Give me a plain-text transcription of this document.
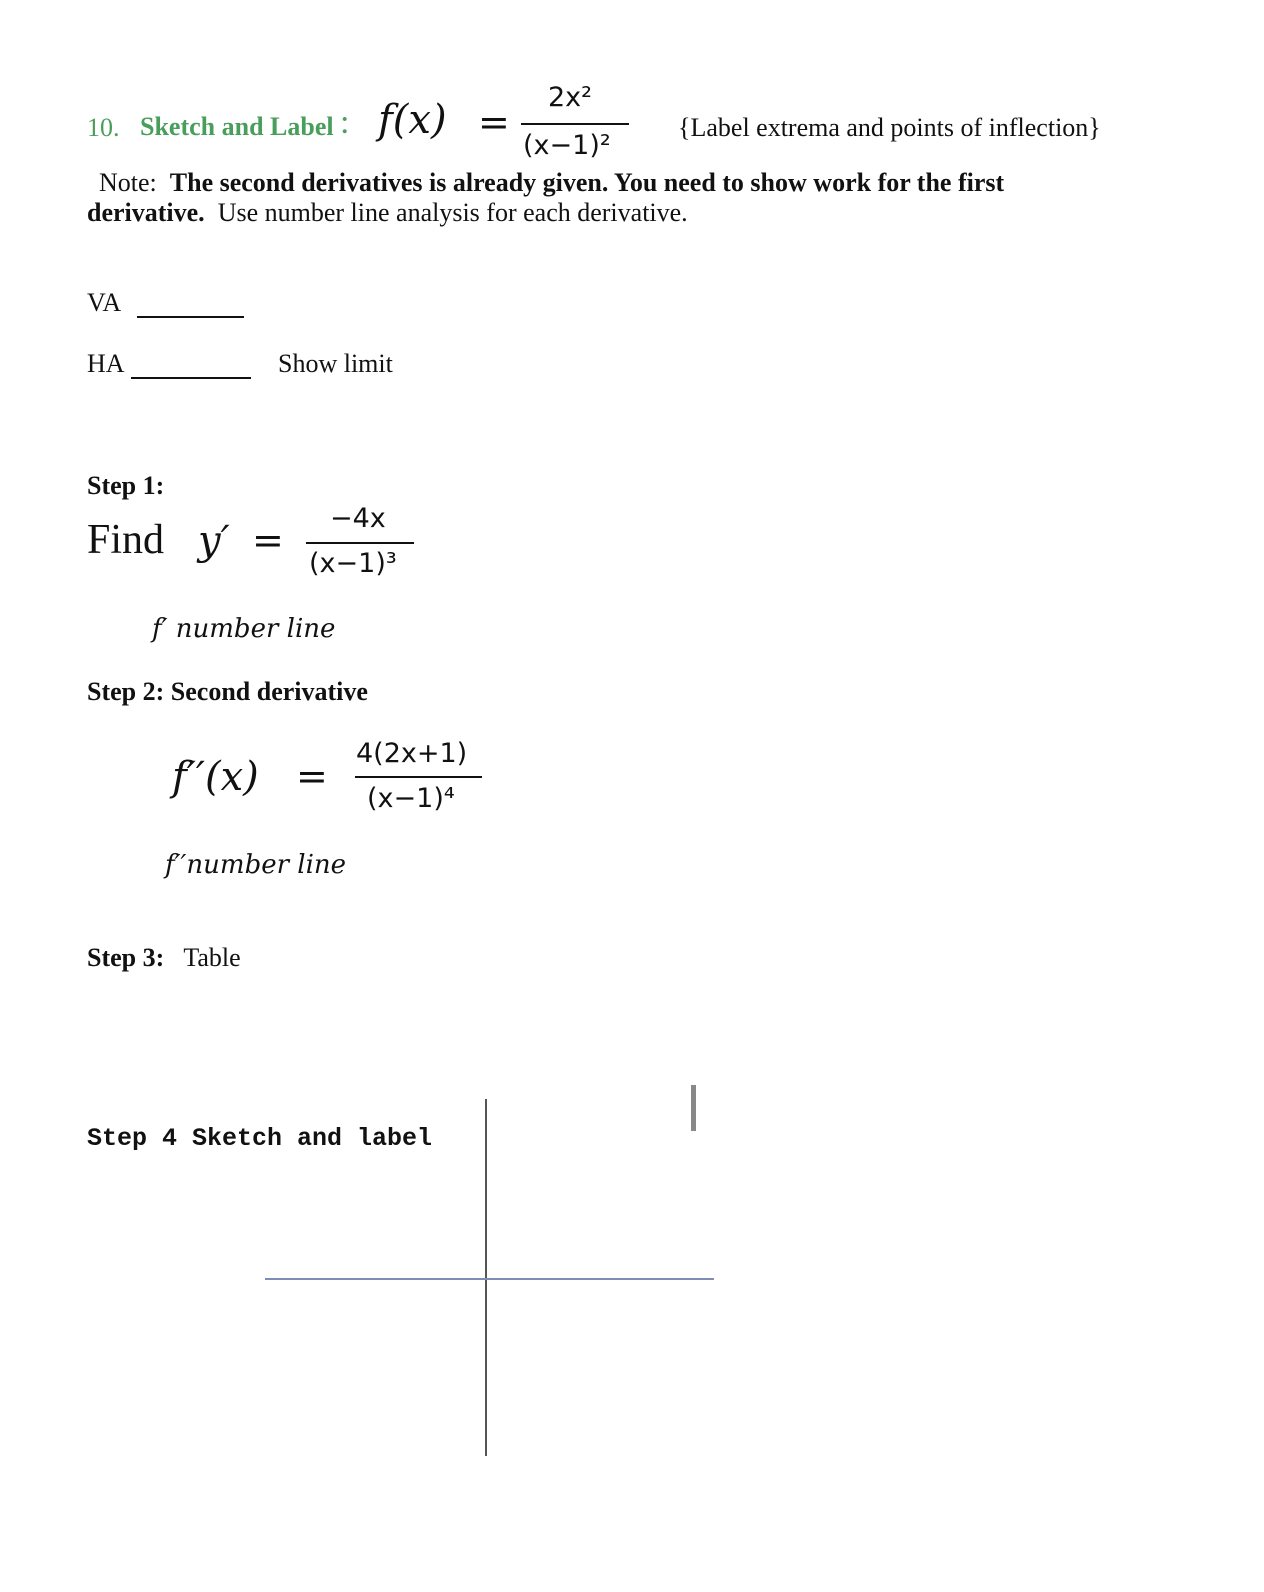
10. Sketch and Label : f(x) =
2x²
(x−1)²
{Label extrema and points of inflection}
Note: The second derivatives is already given. You need to show work for the first
derivative. Use number line analysis for each derivative.
VA
HA	Show limit
Step 1:
Find y′ = −4x
(x−1)³
f′ number line
Step 2: Second derivative
f′′(x) =
4(2x+1)
(x−1)⁴
f′′number line
Step 3: Table
Step 4 Sketch and label
